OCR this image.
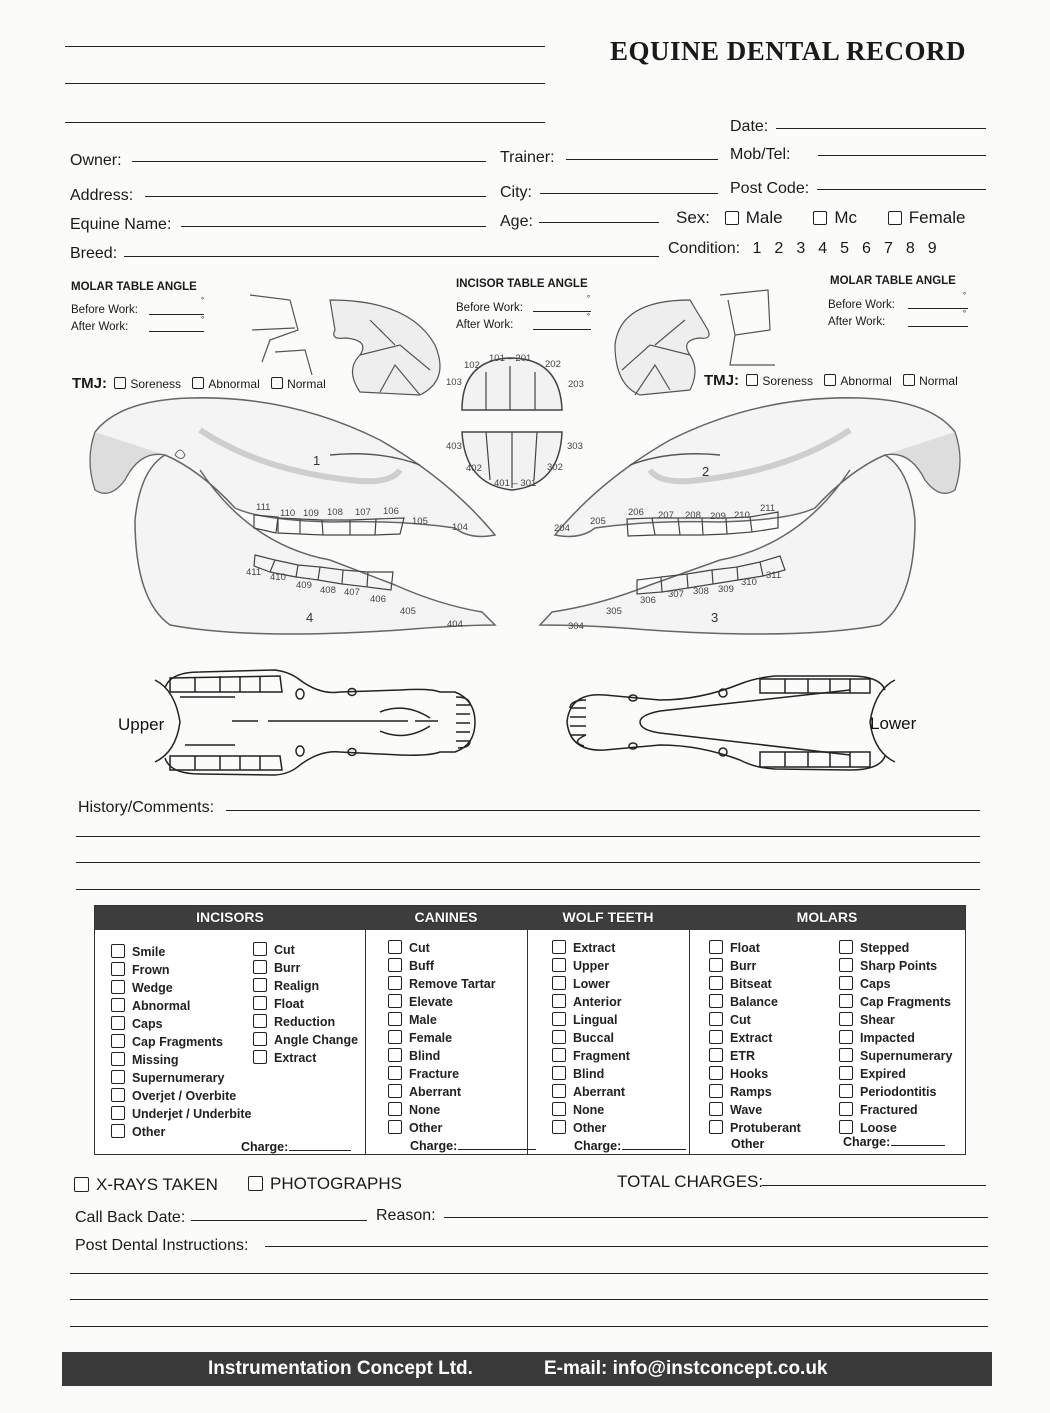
EQUINE DENTAL RECORD
Date:
Owner:	Trainer:	Mob/Tel:
Address:	City:	Post Code:
Equine Name:	Age:	Sex: Male	Mc	Female
Breed:	Condition: 1 2 3 4 5 6 7 8 9
MOLAR TABLE ANGLE
Before Work:
°
After Work:
°
INCISOR TABLE ANGLE
Before Work:
°
After Work:
°
MOLAR TABLE ANGLE
Before Work:
°
After Work:
°
TMJ: Soreness Abnormal Normal	TMJ: Soreness Abnormal Normal
103
102
101 – 201
202
203
403
402
401 – 301
302
303
111
110 109 108 107 106
105
104
411 410
409 408 407
406
405
404
1
4
204
205
206 207 208 209 210
211
304
305
306
307 308 309
310
311
2
3
Upper	Lower
History/Comments:
INCISORS	CANINES	WOLF TEETH	MOLARS
Smile
Frown
Wedge
Abnormal
Caps
Cap Fragments
Missing
Supernumerary
Overjet / Overbite
Underjet / Underbite
Other
Cut
Burr
Realign
Float
Reduction
Angle Change
Extract
Charge:
Cut
Buff
Remove Tartar
Elevate
Male
Female
Blind
Fracture
Aberrant
None
Other
Charge:
Extract
Upper
Lower
Anterior
Lingual
Buccal
Fragment
Blind
Aberrant
None
Other
Charge:
Float
Burr
Bitseat
Balance
Cut
Extract
ETR
Hooks
Ramps
Wave
Protuberant
Other
Stepped
Sharp Points
Caps
Cap Fragments
Shear
Impacted
Supernumerary
Expired
Periodontitis
Fractured
Loose
Charge:
X-RAYS TAKEN	PHOTOGRAPHS	TOTAL CHARGES:
Call Back Date:	Reason:
Post Dental Instructions:
Instrumentation Concept Ltd.	E-mail: info@instconcept.co.uk
